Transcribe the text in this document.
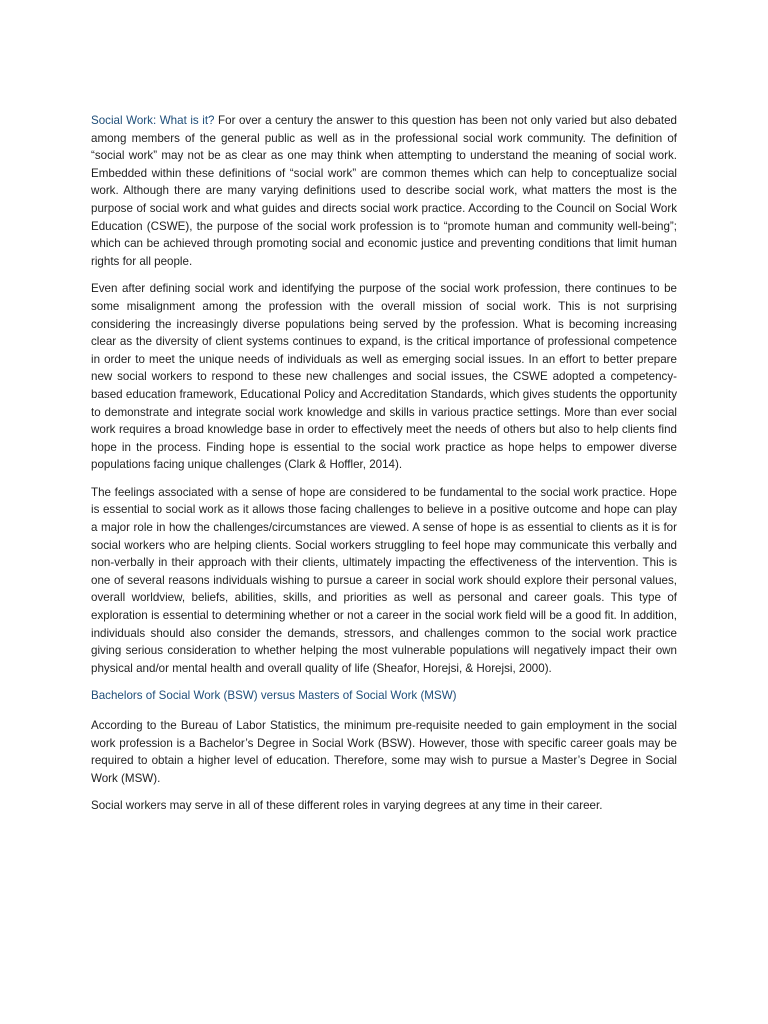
Social Work: What is it? For over a century the answer to this question has been not only varied but also debated among members of the general public as well as in the professional social work community. The definition of “social work” may not be as clear as one may think when attempting to understand the meaning of social work. Embedded within these definitions of “social work” are common themes which can help to conceptualize social work. Although there are many varying definitions used to describe social work, what matters the most is the purpose of social work and what guides and directs social work practice. According to the Council on Social Work Education (CSWE), the purpose of the social work profession is to “promote human and community well-being”; which can be achieved through promoting social and economic justice and preventing conditions that limit human rights for all people.

Even after defining social work and identifying the purpose of the social work profession, there continues to be some misalignment among the profession with the overall mission of social work. This is not surprising considering the increasingly diverse populations being served by the profession. What is becoming increasing clear as the diversity of client systems continues to expand, is the critical importance of professional competence in order to meet the unique needs of individuals as well as emerging social issues. In an effort to better prepare new social workers to respond to these new challenges and social issues, the CSWE adopted a competency-based education framework, Educational Policy and Accreditation Standards, which gives students the opportunity to demonstrate and integrate social work knowledge and skills in various practice settings. More than ever social work requires a broad knowledge base in order to effectively meet the needs of others but also to help clients find hope in the process. Finding hope is essential to the social work practice as hope helps to empower diverse populations facing unique challenges (Clark & Hoffler, 2014).

The feelings associated with a sense of hope are considered to be fundamental to the social work practice. Hope is essential to social work as it allows those facing challenges to believe in a positive outcome and hope can play a major role in how the challenges/circumstances are viewed. A sense of hope is as essential to clients as it is for social workers who are helping clients. Social workers struggling to feel hope may communicate this verbally and non-verbally in their approach with their clients, ultimately impacting the effectiveness of the intervention. This is one of several reasons individuals wishing to pursue a career in social work should explore their personal values, overall worldview, beliefs, abilities, skills, and priorities as well as personal and career goals. This type of exploration is essential to determining whether or not a career in the social work field will be a good fit. In addition, individuals should also consider the demands, stressors, and challenges common to the social work practice giving serious consideration to whether helping the most vulnerable populations will negatively impact their own physical and/or mental health and overall quality of life (Sheafor, Horejsi, & Horejsi, 2000).

Bachelors of Social Work (BSW) versus Masters of Social Work (MSW)

According to the Bureau of Labor Statistics, the minimum pre-requisite needed to gain employment in the social work profession is a Bachelor’s Degree in Social Work (BSW). However, those with specific career goals may be required to obtain a higher level of education. Therefore, some may wish to pursue a Master’s Degree in Social Work (MSW).

Social workers may serve in all of these different roles in varying degrees at any time in their career.
